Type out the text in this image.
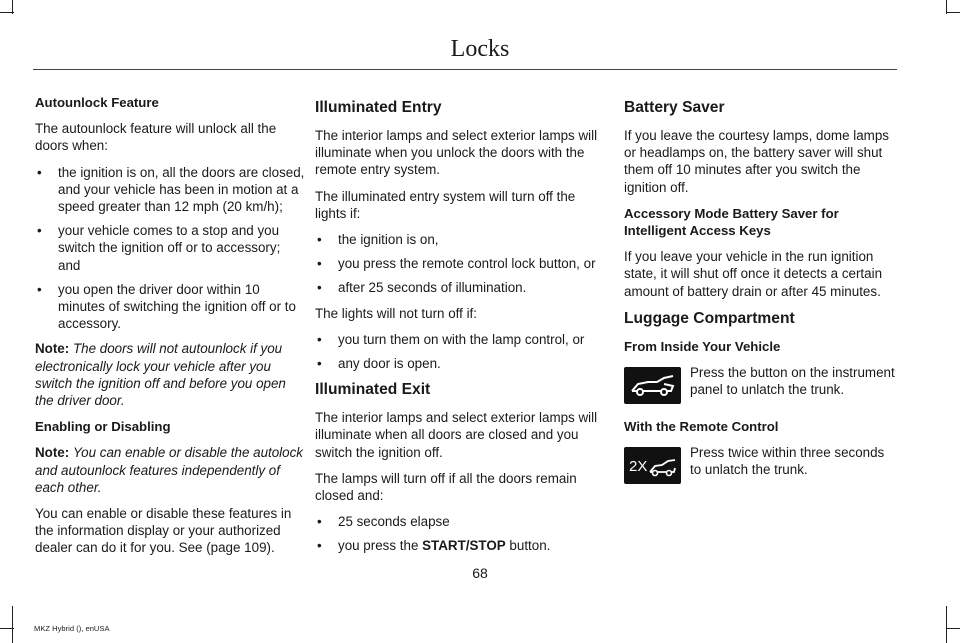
Locks
Autounlock Feature

The autounlock feature will unlock all the doors when:

• the ignition is on, all the doors are closed, and your vehicle has been in motion at a speed greater than 12 mph (20 km/h);
• your vehicle comes to a stop and you switch the ignition off or to accessory; and
• you open the driver door within 10 minutes of switching the ignition off or to accessory.

Note: The doors will not autounlock if you electronically lock your vehicle after you switch the ignition off and before you open the driver door.

Enabling or Disabling

Note: You can enable or disable the autolock and autounlock features independently of each other.

You can enable or disable these features in the information display or your authorized dealer can do it for you. See (page 109).

Illuminated Entry

The interior lamps and select exterior lamps will illuminate when you unlock the doors with the remote entry system.

The illuminated entry system will turn off the lights if:

• the ignition is on,
• you press the remote control lock button, or
• after 25 seconds of illumination.

The lights will not turn off if:

• you turn them on with the lamp control, or
• any door is open.
Illuminated Exit

The interior lamps and select exterior lamps will illuminate when all doors are closed and you switch the ignition off.

The lamps will turn off if all the doors remain closed and:

• 25 seconds elapse
• you press the START/STOP button.
Battery Saver

If you leave the courtesy lamps, dome lamps or headlamps on, the battery saver will shut them off 10 minutes after you switch the ignition off.

Accessory Mode Battery Saver for Intelligent Access Keys

If you leave your vehicle in the run ignition state, it will shut off once it detects a certain amount of battery drain or after 45 minutes.

Luggage Compartment
From Inside Your Vehicle
Press the button on the instrument panel to unlatch the trunk.
With the Remote Control
2X
Press twice within three seconds to unlatch the trunk.
68
MKZ Hybrid (), enUSA
